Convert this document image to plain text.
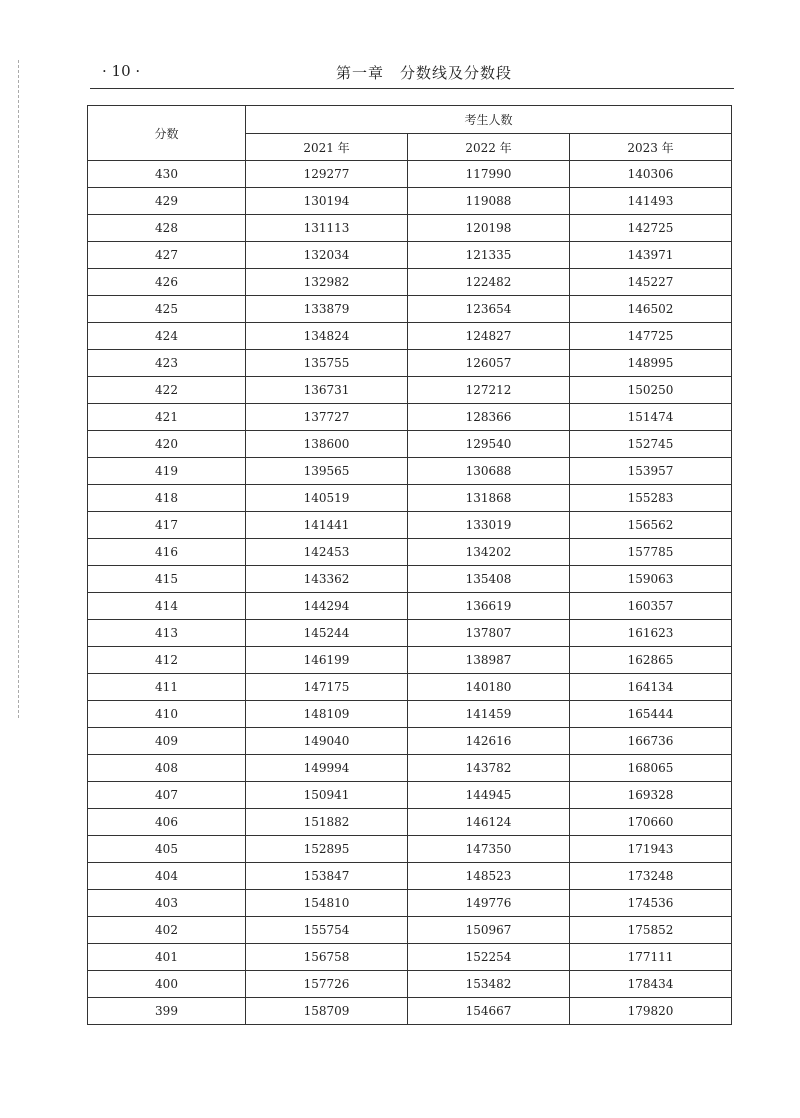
· 10 ·	第一章　分数线及分数段
分数	考生人数		
	2021 年	2022 年	2023 年
430	129277	117990	140306
429	130194	119088	141493
428	131113	120198	142725
427	132034	121335	143971
426	132982	122482	145227
425	133879	123654	146502
424	134824	124827	147725
423	135755	126057	148995
422	136731	127212	150250
421	137727	128366	151474
420	138600	129540	152745
419	139565	130688	153957
418	140519	131868	155283
417	141441	133019	156562
416	142453	134202	157785
415	143362	135408	159063
414	144294	136619	160357
413	145244	137807	161623
412	146199	138987	162865
411	147175	140180	164134
410	148109	141459	165444
409	149040	142616	166736
408	149994	143782	168065
407	150941	144945	169328
406	151882	146124	170660
405	152895	147350	171943
404	153847	148523	173248
403	154810	149776	174536
402	155754	150967	175852
401	156758	152254	177111
400	157726	153482	178434
399	158709	154667	179820
